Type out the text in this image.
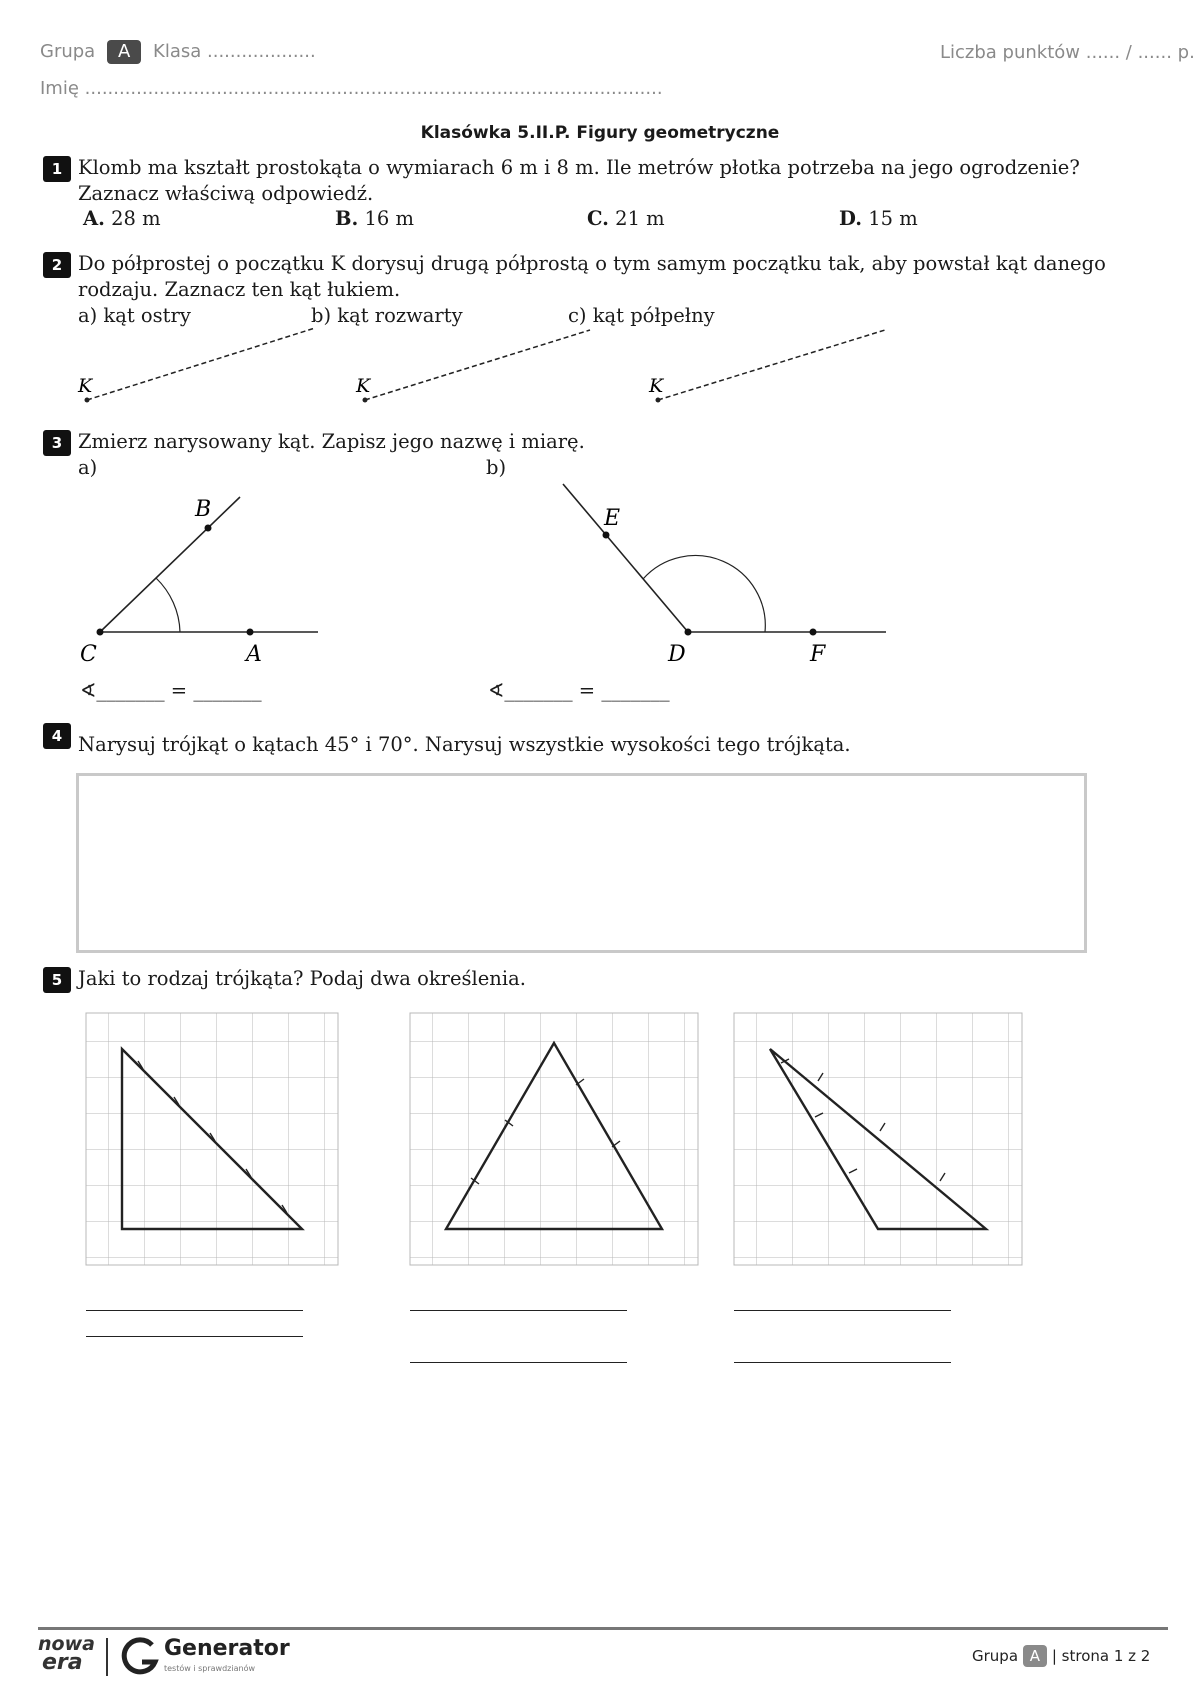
Grupa A Klasa ...................	Liczba punktów ...... / ...... p.
Imię .....................................................................................................
Klasówka 5.II.P. Figury geometryczne
1 Klomb ma kształt prostokąta o wymiarach 6 m i 8 m. Ile metrów płotka potrzeba na jego ogrodzenie?
Zaznacz właściwą odpowiedź.
A. 28 m	B. 16 m	C. 21 m	D. 15 m
2 Do półprostej o początku K dorysuj drugą półprostą o tym samym początku tak, aby powstał kąt danego
rodzaju. Zaznacz ten kąt łukiem.
a) kąt ostry	b) kąt rozwarty	c) kąt półpełny
K	K	K
3 Zmierz narysowany kąt. Zapisz jego nazwę i miarę.
a)	b)
B
C	A
E
D	F
∢_______ = _______	∢_______ = _______
4 Narysuj trójkąt o kątach 45° i 70°. Narysuj wszystkie wysokości tego trójkąta.
5 Jaki to rodzaj trójkąta? Podaj dwa określenia.
nowa
era
Generator
testów i sprawdzianów
Grupa A | strona 1 z 2
